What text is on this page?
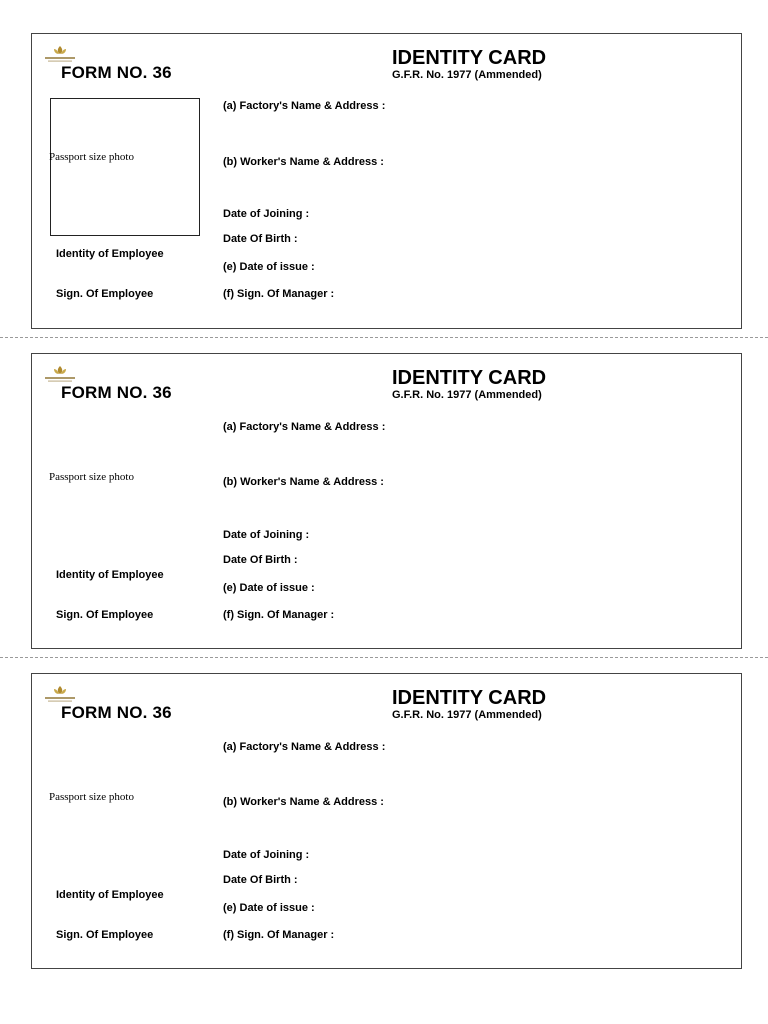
FORM NO. 36
IDENTITY CARD
G.F.R. No. 1977 (Ammended)
Passport size photo
(a) Factory's Name & Address :
(b) Worker's Name & Address :
Date of Joining :
Date Of Birth :
(e) Date of issue :
(f) Sign. Of Manager :
Identity of Employee
Sign. Of Employee
FORM NO. 36
IDENTITY CARD
G.F.R. No. 1977 (Ammended)
Passport size photo
(a) Factory's Name & Address :
(b) Worker's Name & Address :
Date of Joining :
Date Of Birth :
(e) Date of issue :
(f) Sign. Of Manager :
Identity of Employee
Sign. Of Employee
FORM NO. 36
IDENTITY CARD
G.F.R. No. 1977 (Ammended)
Passport size photo
(a) Factory's Name & Address :
(b) Worker's Name & Address :
Date of Joining :
Date Of Birth :
(e) Date of issue :
(f) Sign. Of Manager :
Identity of Employee
Sign. Of Employee
